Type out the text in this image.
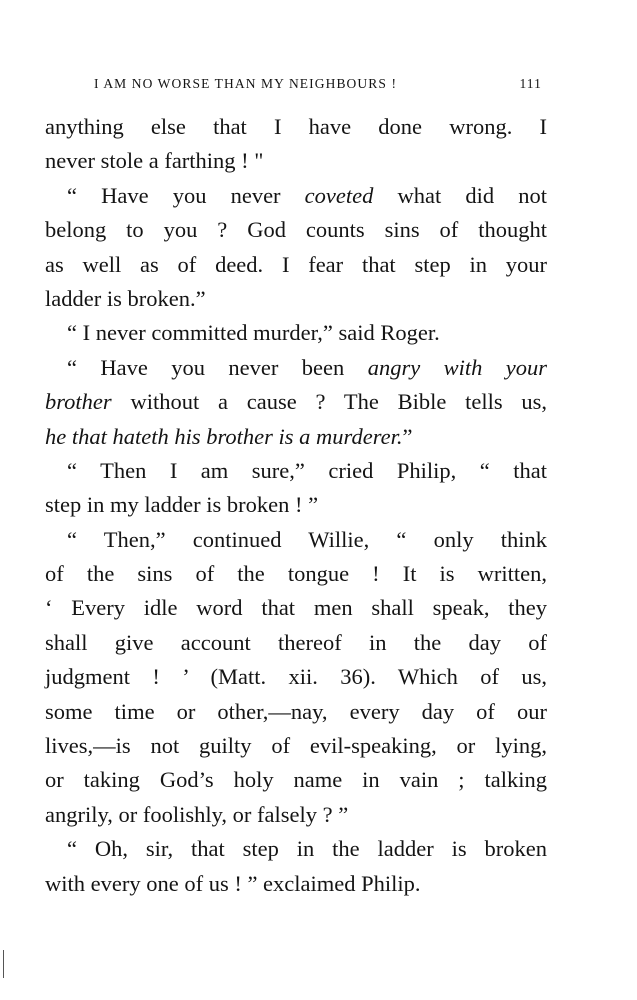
I AM NO WORSE THAN MY NEIGHBOURS !	111
anything else that I have done wrong. I
never stole a farthing ! "
“ Have you never coveted what did not
belong to you ? God counts sins of thought
as well as of deed. I fear that step in your
ladder is broken.”
“ I never committed murder,” said Roger.
“ Have you never been angry with your
brother without a cause ? The Bible tells us,
he that hateth his brother is a murderer.”
“ Then I am sure,” cried Philip, “ that
step in my ladder is broken ! ”
“ Then,” continued Willie, “ only think
of the sins of the tongue ! It is written,
‘ Every idle word that men shall speak, they
shall give account thereof in the day of
judgment ! ’ (Matt. xii. 36). Which of us,
some time or other,—nay, every day of our
lives,—is not guilty of evil-speaking, or lying,
or taking God’s holy name in vain ; talking
angrily, or foolishly, or falsely ? ”
“ Oh, sir, that step in the ladder is broken
with every one of us ! ” exclaimed Philip.
